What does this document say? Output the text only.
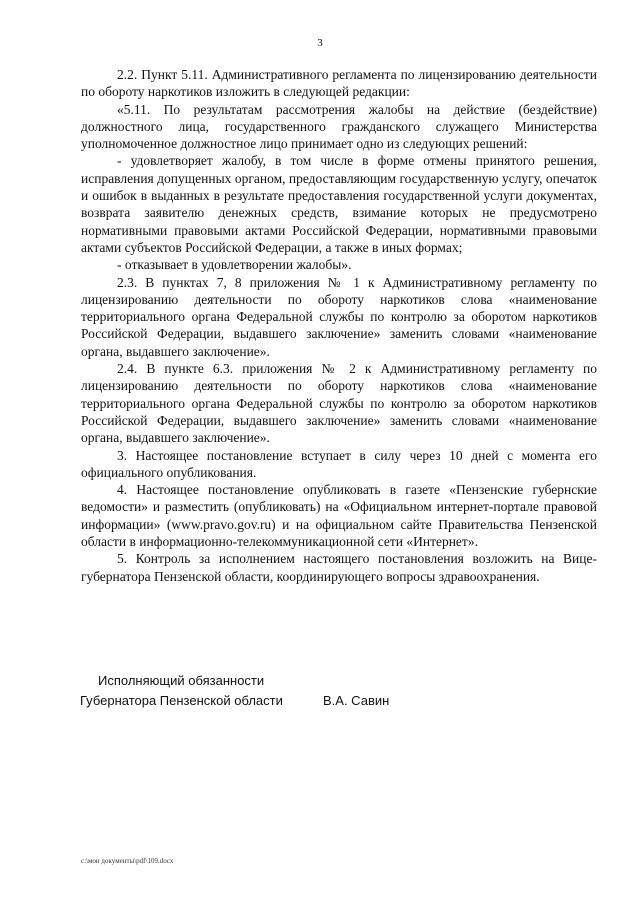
3

2.2. Пункт 5.11. Административного регламента по лицензированию деятельности по обороту наркотиков изложить в следующей редакции:

«5.11. По результатам рассмотрения жалобы на действие (бездействие) должностного лица, государственного гражданского служащего Министерства уполномоченное должностное лицо принимает одно из следующих решений:

- удовлетворяет жалобу, в том числе в форме отмены принятого решения, исправления допущенных органом, предоставляющим государственную услугу, опечаток и ошибок в выданных в результате предоставления государственной услуги документах, возврата заявителю денежных средств, взимание которых не предусмотрено нормативными правовыми актами Российской Федерации, нормативными правовыми актами субъектов Российской Федерации, а также в иных формах;

- отказывает в удовлетворении жалобы».

2.3. В пунктах 7, 8 приложения № 1 к Административному регламенту по лицензированию деятельности по обороту наркотиков слова «наименование территориального органа Федеральной службы по контролю за оборотом наркотиков Российской Федерации, выдавшего заключение» заменить словами «наименование органа, выдавшего заключение».

2.4. В пункте 6.3. приложения № 2 к Административному регламенту по лицензированию деятельности по обороту наркотиков слова «наименование территориального органа Федеральной службы по контролю за оборотом наркотиков Российской Федерации, выдавшего заключение» заменить словами «наименование органа, выдавшего заключение».

3. Настоящее постановление вступает в силу через 10 дней с момента его официального опубликования.

4. Настоящее постановление опубликовать в газете «Пензенские губернские ведомости» и разместить (опубликовать) на «Официальном интернет-портале правовой информации» (www.pravo.gov.ru) и на официальном сайте Правительства Пензенской области в информационно-телекоммуникационной сети «Интернет».

5. Контроль за исполнением настоящего постановления возложить на Вице-губернатора Пензенской области, координирующего вопросы здравоохранения.

Исполняющий обязанности
Губернатора Пензенской области	В.А. Савин
c:\мои документы\pdf\109.docx
